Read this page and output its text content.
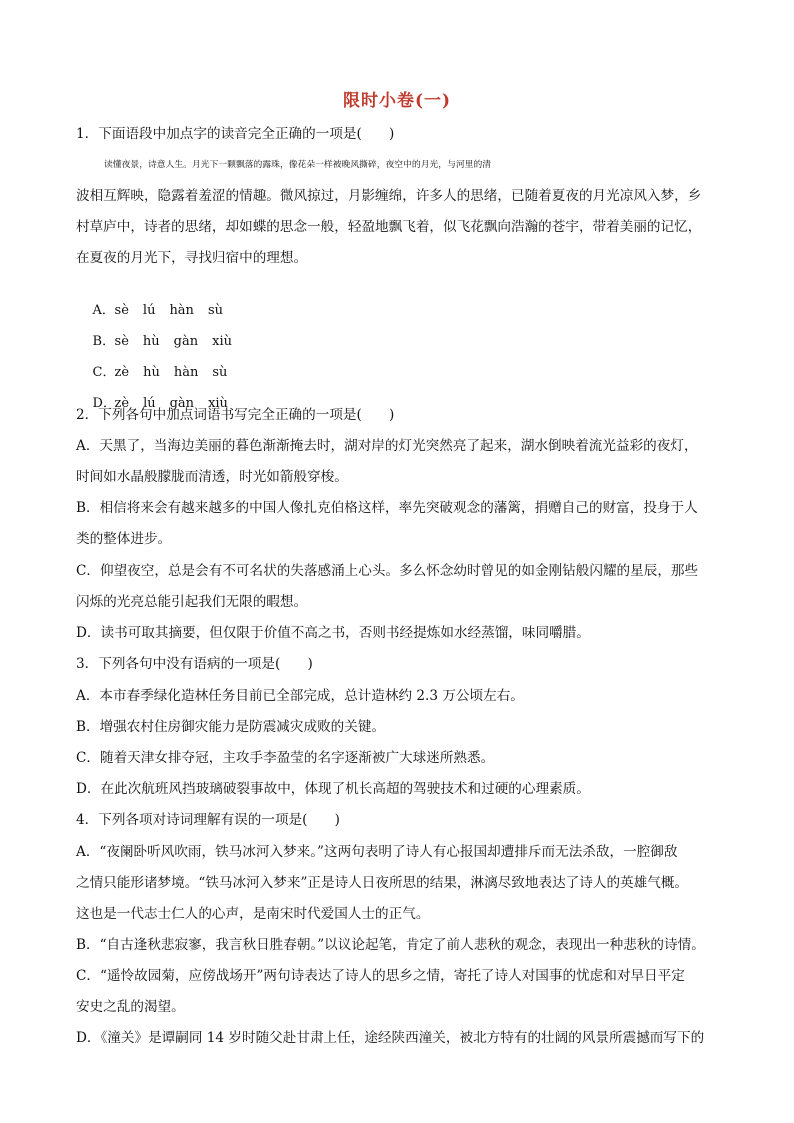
限时小卷(一)
1．下面语段中加点字的读音完全正确的一项是(　　)
读懂夜景，诗意人生。月光下一颗飘落的露珠，像花朵一样被晚风撕碎，夜空中的月光，与河里的清
波相互辉映，隐露着羞涩的情趣。微风掠过，月影缠绵，许多人的思绪，已随着夏夜的月光凉风入梦，乡
村草庐中，诗者的思绪，却如蝶的思念一般，轻盈地飘飞着，似飞花飘向浩瀚的苍宇，带着美丽的记忆，
在夏夜的月光下，寻找归宿中的理想。

A．sè lú hàn sù

B．sè hù gàn xiù

C．zè hù hàn sù

D．zè lú gàn xiù

2．下列各句中加点词语书写完全正确的一项是(　　)
A．天黑了，当海边美丽的暮色渐渐掩去时，湖对岸的灯光突然亮了起来，湖水倒映着流光益彩的夜灯，
时间如水晶般朦胧而清透，时光如箭般穿梭。
B．相信将来会有越来越多的中国人像扎克伯格这样，率先突破观念的藩篱，捐赠自己的财富，投身于人
类的整体进步。
C．仰望夜空，总是会有不可名状的失落感涌上心头。多么怀念幼时曾见的如金刚钻般闪耀的星辰，那些
闪烁的光亮总能引起我们无限的暇想。
D．读书可取其摘要，但仅限于价值不高之书，否则书经提炼如水经蒸馏，味同嚼腊。
3．下列各句中没有语病的一项是(　　)
A．本市春季绿化造林任务目前已全部完成，总计造林约 2.3 万公顷左右。
B．增强农村住房御灾能力是防震减灾成败的关键。
C．随着天津女排夺冠，主攻手李盈莹的名字逐渐被广大球迷所熟悉。
D．在此次航班风挡玻璃破裂事故中，体现了机长高超的驾驶技术和过硬的心理素质。
4．下列各项对诗词理解有误的一项是(　　)
A．“夜阑卧听风吹雨，铁马冰河入梦来。”这两句表明了诗人有心报国却遭排斥而无法杀敌，一腔御敌
之情只能形诸梦境。“铁马冰河入梦来”正是诗人日夜所思的结果，淋漓尽致地表达了诗人的英雄气概。
这也是一代志士仁人的心声，是南宋时代爱国人士的正气。
B．“自古逢秋悲寂寥，我言秋日胜春朝。”以议论起笔，肯定了前人悲秋的观念，表现出一种悲秋的诗情。
C．“遥怜故园菊，应傍战场开”两句诗表达了诗人的思乡之情，寄托了诗人对国事的忧虑和对早日平定
安史之乱的渴望。
D．《潼关》是谭嗣同 14 岁时随父赴甘肃上任，途经陕西潼关，被北方特有的壮阔的风景所震撼而写下的
